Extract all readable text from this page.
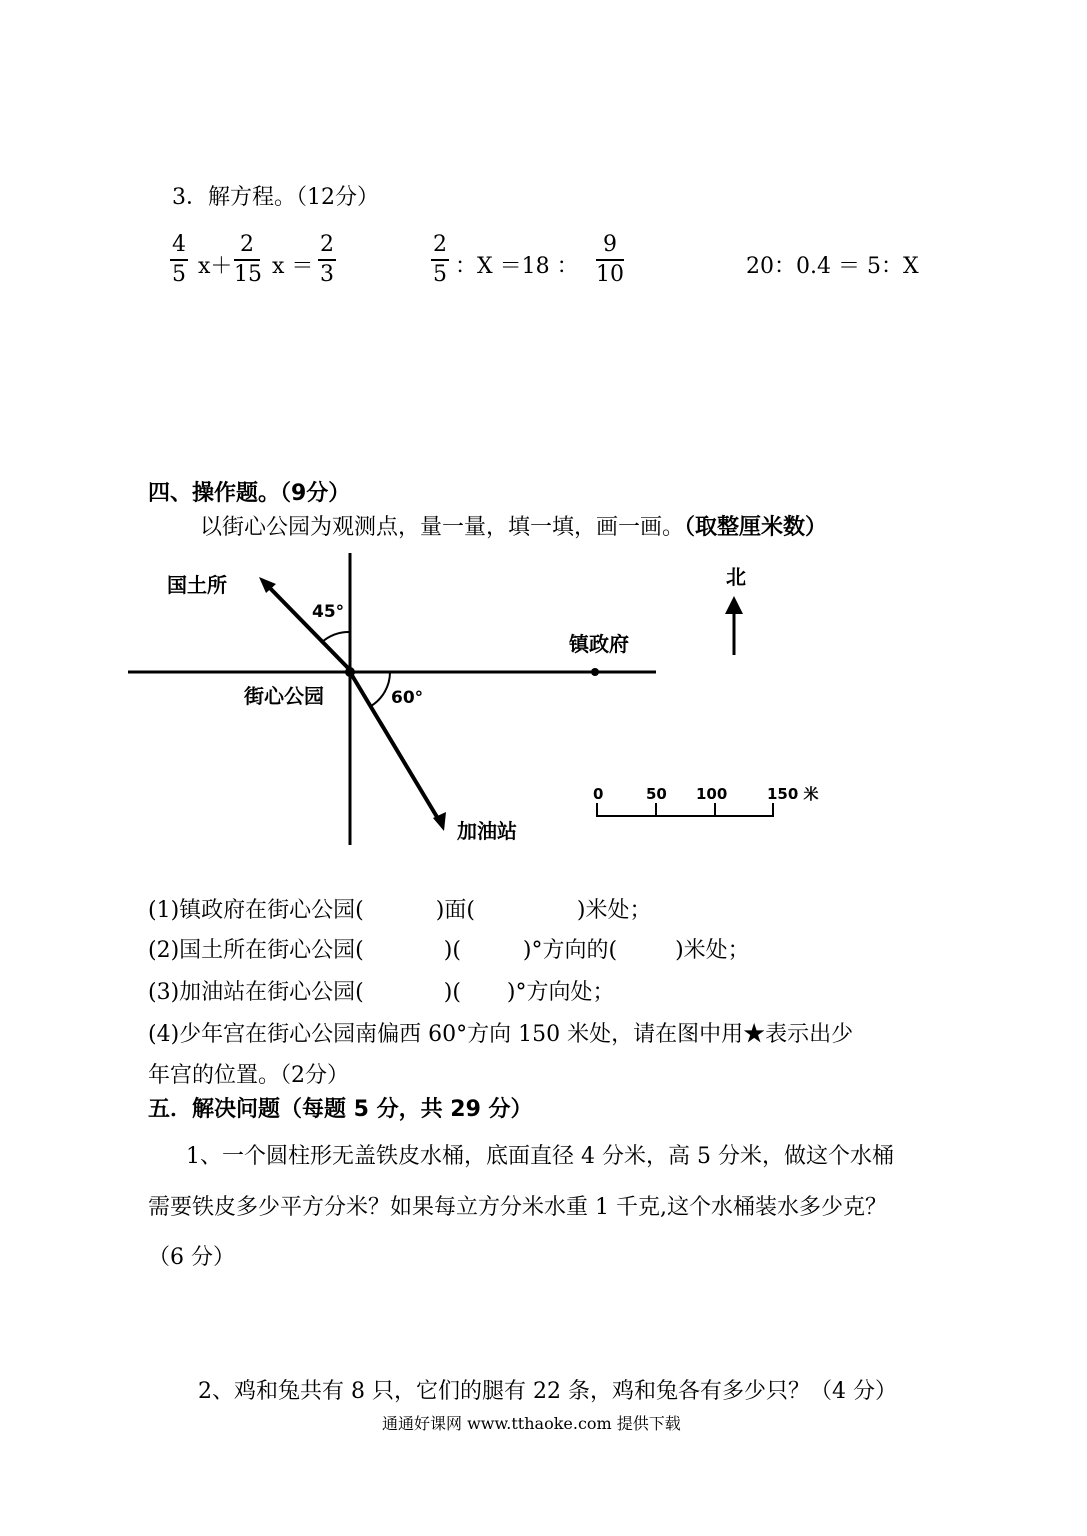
3．解方程。（12分）
4
5 x＋
2
15 x ＝
2
3
2
5 ：X ＝18 ：
9
10	20：0.4 ＝ 5：X
四、操作题。（9分）
以街心公园为观测点，量一量，填一填，画一画。（取整厘米数）
国土所
45°
镇政府
街心公园	60°
加油站
北
0	50 100	150 米
(1)镇政府在街心公园(	)面(	)米处；
(2)国土所在街心公园(	)(	)°方向的(	)米处；
(3)加油站在街心公园(	)( )°方向处；
(4)少年宫在街心公园南偏西 60°方向 150 米处，请在图中用★表示出少
年宫的位置。（2分）
五．解决问题（每题 5 分，共 29 分）
1、一个圆柱形无盖铁皮水桶，底面直径 4 分米，高 5 分米，做这个水桶
需要铁皮多少平方分米？如果每立方分米水重 1 千克,这个水桶装水多少克？
（6 分）
2、鸡和兔共有 8 只，它们的腿有 22 条，鸡和兔各有多少只？（4 分）
通通好课网 www.tthaoke.com 提供下载
